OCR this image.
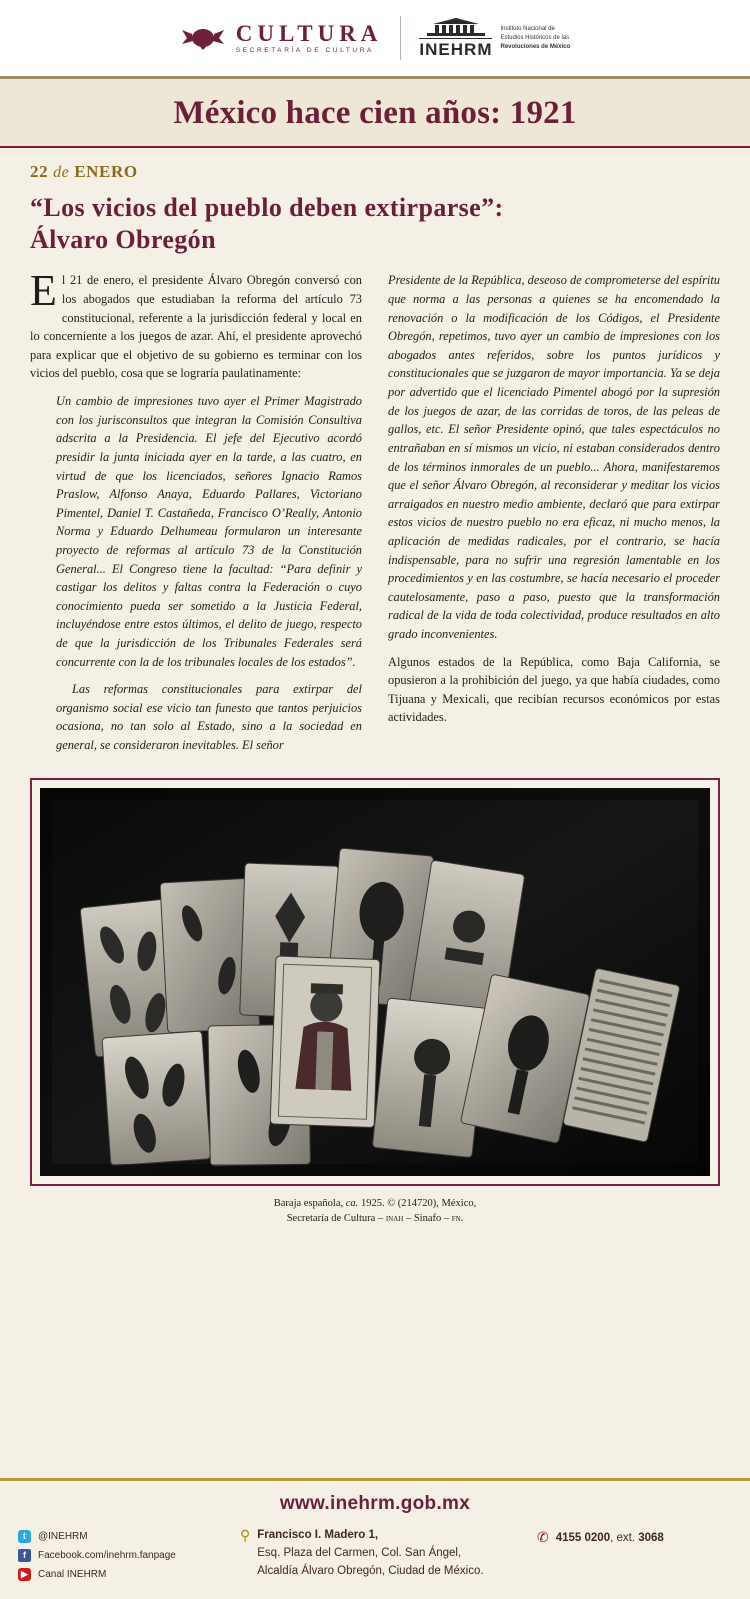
CULTURA
SECRETARÍA DE CULTURA	INEHRM
Instituto Nacional de
Estudios Históricos de las
Revoluciones de México
México hace cien años: 1921
22 de ENERO
“Los vicios del pueblo deben extirparse”:
Álvaro Obregón

El 21 de enero, el presidente Álvaro Obregón conversó con los abogados que estudiaban la reforma del artículo 73 constitucional, referente a la jurisdicción federal y local en lo concerniente a los juegos de azar. Ahí, el presidente aprovechó para explicar que el objetivo de su gobierno es terminar con los vicios del pueblo, cosa que se lograría paulatinamente:

Un cambio de impresiones tuvo ayer el Primer Magistrado con los jurisconsultos que integran la Comisión Consultiva adscrita a la Presidencia. El jefe del Ejecutivo acordó presidir la junta iniciada ayer en la tarde, a las cuatro, en virtud de que los licenciados, señores Ignacio Ramos Praslow, Alfonso Anaya, Eduardo Pallares, Victoriano Pimentel, Daniel T. Castañeda, Francisco O’Really, Antonio Norma y Eduardo Delhumeau formularon un interesante proyecto de reformas al artículo 73 de la Constitución General... El Congreso tiene la facultad: “Para definir y castigar los delitos y faltas contra la Federación o cuyo conocimiento pueda ser sometido a la Justicia Federal, incluyéndose entre estos últimos, el delito de juego, respecto de que la jurisdicción de los Tribunales Federales será concurrente con la de los tribunales locales de los estados”.

Las reformas constitucionales para extirpar del organismo social ese vicio tan funesto que tantos perjuicios ocasiona, no tan solo al Estado, sino a la sociedad en general, se consideraron inevitables. El señor

Presidente de la República, deseoso de comprometerse del espíritu que norma a las personas a quienes se ha encomendado la renovación o la modificación de los Códigos, el Presidente Obregón, repetimos, tuvo ayer un cambio de impresiones con los abogados antes referidos, sobre los puntos jurídicos y constitucionales que se juzgaron de mayor importancia. Ya se deja por advertido que el licenciado Pimentel abogó por la supresión de los juegos de azar, de las corridas de toros, de las peleas de gallos, etc. El señor Presidente opinó, que tales espectáculos no entrañaban en sí mismos un vicio, ni estaban considerados dentro de los términos inmorales de un pueblo... Ahora, manifestaremos que el señor Álvaro Obregón, al reconsiderar y meditar los vicios arraigados en nuestro medio ambiente, declaró que para extirpar estos vicios de nuestro pueblo no era eficaz, ni mucho menos, la aplicación de medidas radicales, por el contrario, se hacía indispensable, para no sufrir una regresión lamentable en los procedimientos y en las costumbre, se hacía necesario el proceder cautelosamente, paso a paso, puesto que la transformación radical de la vida de toda colectividad, produce resultados en alto grado inconvenientes.

Algunos estados de la República, como Baja California, se opusieron a la prohibición del juego, ya que había ciudades, como Tijuana y Mexicali, que recibían recursos económicos por estas actividades.

Baraja española, ca. 1925. © (214720), México,
Secretaría de Cultura – inah – Sinafo – fn.
www.inehrm.gob.mx
t	@INEHRM
f	Facebook.com/inehrm.fanpage
▶	Canal INEHRM
⚲ Francisco I. Madero 1,
Esq. Plaza del Carmen, Col. San Ángel,
Alcaldía Álvaro Obregón, Ciudad de México.
✆ 4155 0200, ext. 3068
